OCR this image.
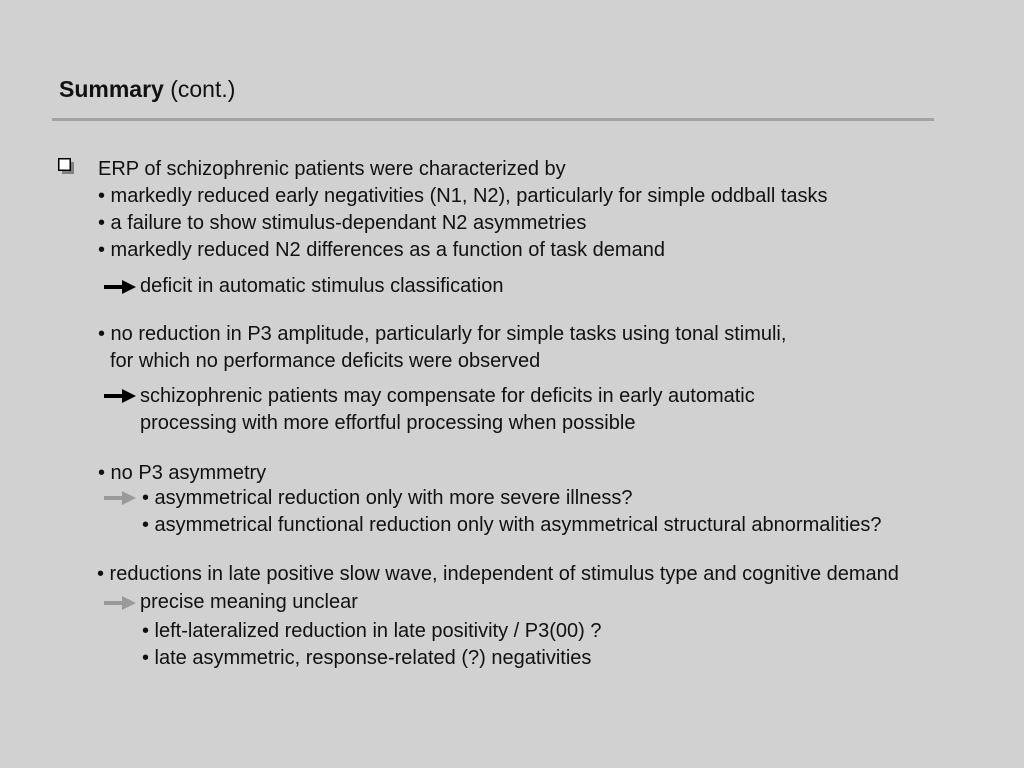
Summary (cont.)
ERP of schizophrenic patients were characterized by
• markedly reduced early negativities (N1, N2), particularly for simple oddball tasks
• a failure to show stimulus-dependant N2 asymmetries
• markedly reduced N2 differences as a function of task demand
deficit in automatic stimulus classification
• no reduction in P3 amplitude, particularly for simple tasks using tonal stimuli,
for which no performance deficits were observed
schizophrenic patients may compensate for deficits in early automatic
processing with more effortful processing when possible
• no P3 asymmetry
• asymmetrical reduction only with more severe illness?
• asymmetrical functional reduction only with asymmetrical structural abnormalities?
• reductions in late positive slow wave, independent of stimulus type and cognitive demand
precise meaning unclear
• left-lateralized reduction in late positivity / P3(00) ?
• late asymmetric, response-related (?) negativities
